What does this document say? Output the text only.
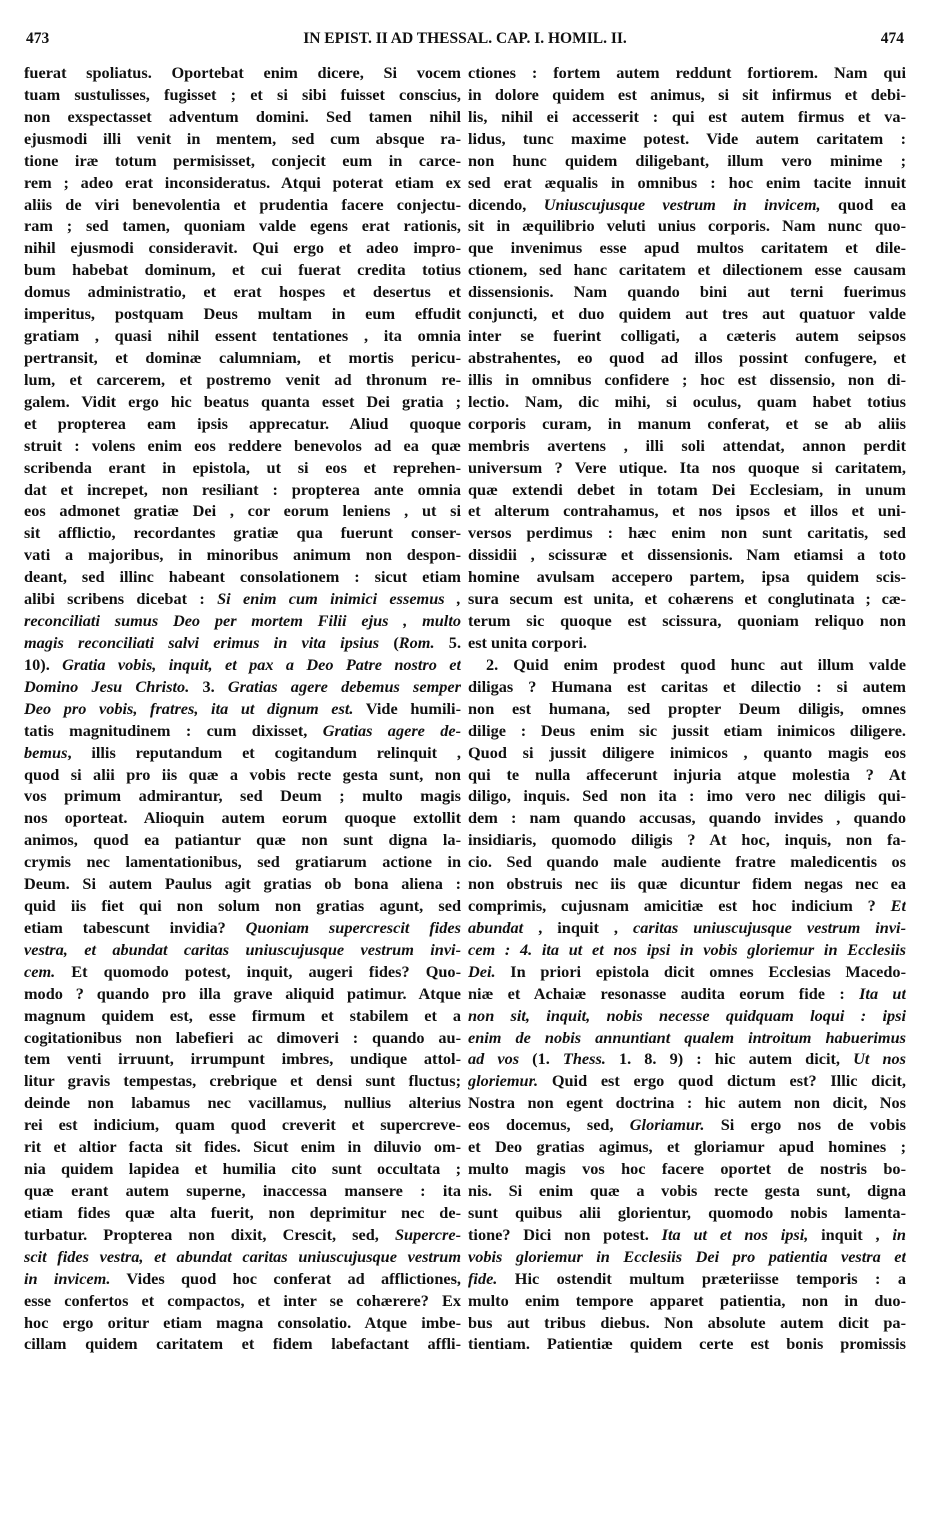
473	IN EPIST. II AD THESSAL. CAP. I. HOMIL. II.	474
fuerat spoliatus. Oportebat enim dicere, Si vocem
tuam sustulisses, fugisset ; et si sibi fuisset conscius,
non exspectasset adventum domini. Sed tamen nihil
ejusmodi illi venit in mentem, sed cum absque ra-
tione iræ totum permisisset, conjecit eum in carce-
rem ; adeo erat inconsideratus. Atqui poterat etiam ex
aliis de viri benevolentia et prudentia facere conjectu-
ram ; sed tamen, quoniam valde egens erat rationis,
nihil ejusmodi consideravit. Qui ergo et adeo impro-
bum habebat dominum, et cui fuerat credita totius
domus administratio, et erat hospes et desertus et
imperitus, postquam Deus multam in eum effudit
gratiam , quasi nihil essent tentationes , ita omnia
pertransit, et dominæ calumniam, et mortis pericu-
lum, et carcerem, et postremo venit ad thronum re-
galem. Vidit ergo hic beatus quanta esset Dei gratia ;
et propterea eam ipsis apprecatur. Aliud quoque
struit : volens enim eos reddere benevolos ad ea quæ
scribenda erant in epistola, ut si eos et reprehen-
dat et increpet, non resiliant : propterea ante omnia
eos admonet gratiæ Dei , cor eorum leniens , ut si
sit afflictio, recordantes gratiæ qua fuerunt conser-
vati a majoribus, in minoribus animum non despon-
deant, sed illinc habeant consolationem : sicut etiam
alibi scribens dicebat : Si enim cum inimici essemus ,
reconciliati sumus Deo per mortem Filii ejus , multo
magis reconciliati salvi erimus in vita ipsius (Rom. 5.
10). Gratia vobis, inquit, et pax a Deo Patre nostro et
Domino Jesu Christo. 3. Gratias agere debemus semper
Deo pro vobis, fratres, ita ut dignum est. Vide humili-
tatis magnitudinem : cum dixisset, Gratias agere de-
bemus, illis reputandum et cogitandum relinquit ,
quod si alii pro iis quæ a vobis recte gesta sunt, non
vos primum admirantur, sed Deum ; multo magis
nos oporteat. Alioquin autem eorum quoque extollit
animos, quod ea patiantur quæ non sunt digna la-
crymis nec lamentationibus, sed gratiarum actione in
Deum. Si autem Paulus agit gratias ob bona aliena :
quid iis fiet qui non solum non gratias agunt, sed
etiam tabescunt invidia? Quoniam supercrescit fides
vestra, et abundat caritas uniuscujusque vestrum invi-
cem. Et quomodo potest, inquit, augeri fides? Quo-
modo ? quando pro illa grave aliquid patimur. Atque
magnum quidem est, esse firmum et stabilem et a
cogitationibus non labefieri ac dimoveri : quando au-
tem venti irruunt, irrumpunt imbres, undique attol-
litur gravis tempestas, crebrique et densi sunt fluctus;
deinde non labamus nec vacillamus, nullius alterius
rei est indicium, quam quod creverit et supercreve-
rit et altior facta sit fides. Sicut enim in diluvio om-
nia quidem lapidea et humilia cito sunt occultata ;
quæ erant autem superne, inaccessa mansere : ita
etiam fides quæ alta fuerit, non deprimitur nec de-
turbatur. Propterea non dixit, Crescit, sed, Supercre-
scit fides vestra, et abundat caritas uniuscujusque vestrum
in invicem. Vides quod hoc conferat ad afflictiones,
esse confertos et compactos, et inter se cohærere? Ex
hoc ergo oritur etiam magna consolatio. Atque imbe-
cillam quidem caritatem et fidem labefactant affli-
ctiones : fortem autem reddunt fortiorem. Nam qui
in dolore quidem est animus, si sit infirmus et debi-
lis, nihil ei accesserit : qui est autem firmus et va-
lidus, tunc maxime potest. Vide autem caritatem :
non hunc quidem diligebant, illum vero minime ;
sed erat æqualis in omnibus : hoc enim tacite innuit
dicendo, Uniuscujusque vestrum in invicem, quod ea
sit in æquilibrio veluti unius corporis. Nam nunc quo-
que invenimus esse apud multos caritatem et dile-
ctionem, sed hanc caritatem et dilectionem esse causam
dissensionis. Nam quando bini aut terni fuerimus
conjuncti, et duo quidem aut tres aut quatuor valde
inter se fuerint colligati, a cæteris autem seipsos
abstrahentes, eo quod ad illos possint confugere, et
illis in omnibus confidere ; hoc est dissensio, non di-
lectio. Nam, dic mihi, si oculus, quam habet totius
corporis curam, in manum conferat, et se ab aliis
membris avertens , illi soli attendat, annon perdit
universum ? Vere utique. Ita nos quoque si caritatem,
quæ extendi debet in totam Dei Ecclesiam, in unum
et alterum contrahamus, et nos ipsos et illos et uni-
versos perdimus : hæc enim non sunt caritatis, sed
dissidii , scissuræ et dissensionis. Nam etiamsi a toto
homine avulsam accepero partem, ipsa quidem scis-
sura secum est unita, et cohærens et conglutinata ; cæ-
terum sic quoque est scissura, quoniam reliquo non
est unita corpori.
2. Quid enim prodest quod hunc aut illum valde
diligas ? Humana est caritas et dilectio : si autem
non est humana, sed propter Deum diligis, omnes
dilige : Deus enim sic jussit etiam inimicos diligere.
Quod si jussit diligere inimicos , quanto magis eos
qui te nulla affecerunt injuria atque molestia ? At
diligo, inquis. Sed non ita : imo vero nec diligis qui-
dem : nam quando accusas, quando invides , quando
insidiaris, quomodo diligis ? At hoc, inquis, non fa-
cio. Sed quando male audiente fratre maledicentis os
non obstruis nec iis quæ dicuntur fidem negas nec ea
comprimis, cujusnam amicitiæ est hoc indicium ? Et
abundat , inquit , caritas uniuscujusque vestrum invi-
cem : 4. ita ut et nos ipsi in vobis gloriemur in Ecclesiis
Dei. In priori epistola dicit omnes Ecclesias Macedo-
niæ et Achaiæ resonasse audita eorum fide : Ita ut
non sit, inquit, nobis necesse quidquam loqui : ipsi
enim de nobis annuntiant qualem introitum habuerimus
ad vos (1. Thess. 1. 8. 9) : hic autem dicit, Ut nos
gloriemur. Quid est ergo quod dictum est? Illic dicit,
Nostra non egent doctrina : hic autem non dicit, Nos
eos docemus, sed, Gloriamur. Si ergo nos de vobis
et Deo gratias agimus, et gloriamur apud homines ;
multo magis vos hoc facere oportet de nostris bo-
nis. Si enim quæ a vobis recte gesta sunt, digna
sunt quibus alii glorientur, quomodo nobis lamenta-
tione? Dici non potest. Ita ut et nos ipsi, inquit , in
vobis gloriemur in Ecclesiis Dei pro patientia vestra et
fide. Hic ostendit multum præteriisse temporis : a
multo enim tempore apparet patientia, non in duo-
bus aut tribus diebus. Non absolute autem dicit pa-
tientiam. Patientiæ quidem certe est bonis promissis
